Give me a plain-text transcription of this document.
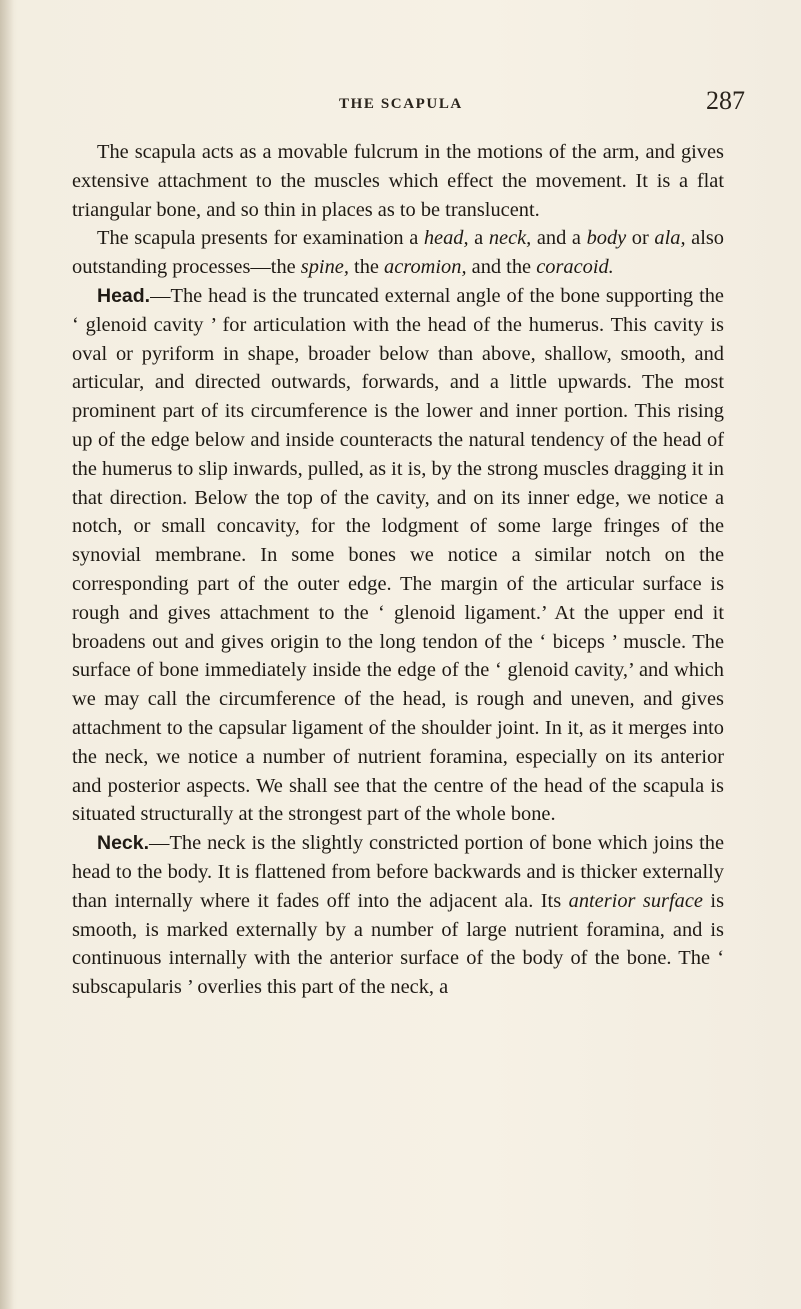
THE SCAPULA	287

The scapula acts as a movable fulcrum in the motions of the arm, and gives extensive attachment to the muscles which effect the movement. It is a flat triangular bone, and so thin in places as to be translucent.

The scapula presents for examination a head, a neck, and a body or ala, also outstanding processes—the spine, the acromion, and the coracoid.

Head.—The head is the truncated external angle of the bone supporting the ‘ glenoid cavity ’ for articulation with the head of the humerus. This cavity is oval or pyriform in shape, broader below than above, shallow, smooth, and articular, and directed outwards, forwards, and a little upwards. The most prominent part of its circumference is the lower and inner portion. This rising up of the edge below and inside counteracts the natural tendency of the head of the humerus to slip inwards, pulled, as it is, by the strong muscles dragging it in that direction. Below the top of the cavity, and on its inner edge, we notice a notch, or small concavity, for the lodgment of some large fringes of the synovial membrane. In some bones we notice a similar notch on the corresponding part of the outer edge. The margin of the articular surface is rough and gives attachment to the ‘ glenoid ligament.’ At the upper end it broadens out and gives origin to the long tendon of the ‘ biceps ’ muscle. The surface of bone immediately inside the edge of the ‘ glenoid cavity,’ and which we may call the circumference of the head, is rough and uneven, and gives attachment to the capsular ligament of the shoulder joint. In it, as it merges into the neck, we notice a number of nutrient foramina, especially on its anterior and posterior aspects. We shall see that the centre of the head of the scapula is situated structurally at the strongest part of the whole bone.

Neck.—The neck is the slightly constricted portion of bone which joins the head to the body. It is flattened from before backwards and is thicker externally than internally where it fades off into the adjacent ala. Its anterior surface is smooth, is marked externally by a number of large nutrient foramina, and is continuous internally with the anterior surface of the body of the bone. The ‘ subscapularis ’ overlies this part of the neck, a
